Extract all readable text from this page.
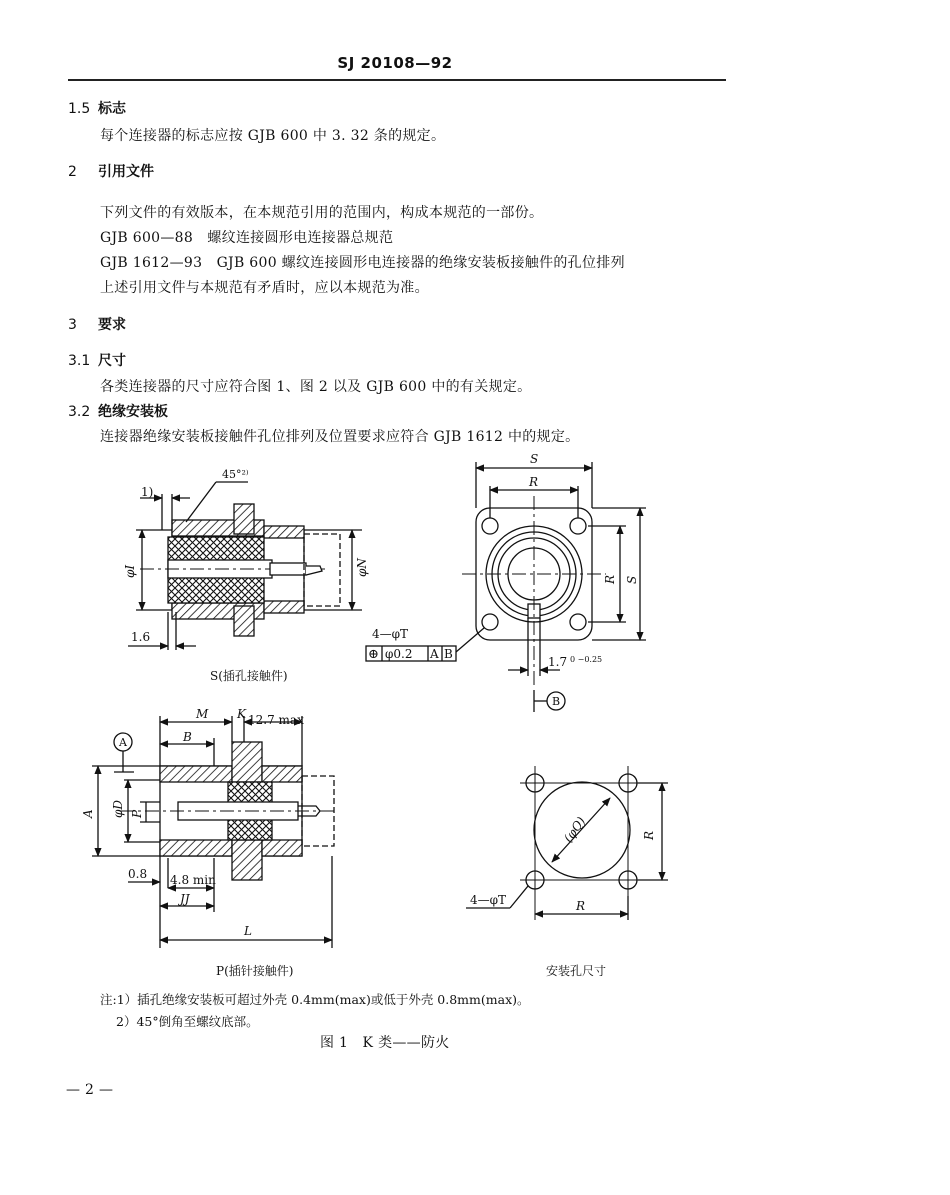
SJ 20108—92
1.5 标志
每个连接器的标志应按 GJB 600 中 3. 32 条的规定。
2 引用文件
下列文件的有效版本，在本规范引用的范围内，构成本规范的一部份。
GJB 600—88　螺纹连接圆形电连接器总规范
GJB 1612—93　GJB 600 螺纹连接圆形电连接器的绝缘安装板接触件的孔位排列
上述引用文件与本规范有矛盾时，应以本规范为准。
3 要求
3.1 尺寸
各类连接器的尺寸应符合图 1、图 2 以及 GJB 600 中的有关规定。
3.2 绝缘安装板
连接器绝缘安装板接触件孔位排列及位置要求应符合 GJB 1612 中的规定。
1)
45°²⁾
φI	φN
1.6
S
R
R S
4—φT
⊕ φ0.2 A B
1.7 0 −0.25
B
M K 12.7 max
B
A
A φD P
0.8 4.8 min
JJ
L
(φQ)	R
R
4—φT
S(插孔接触件)
P(插针接触件)	安装孔尺寸
注:1）插孔绝缘安装板可超过外壳 0.4mm(max)或低于外壳 0.8mm(max)。
2）45°倒角至螺纹底部。
图 1　K 类——防火
— 2 —
